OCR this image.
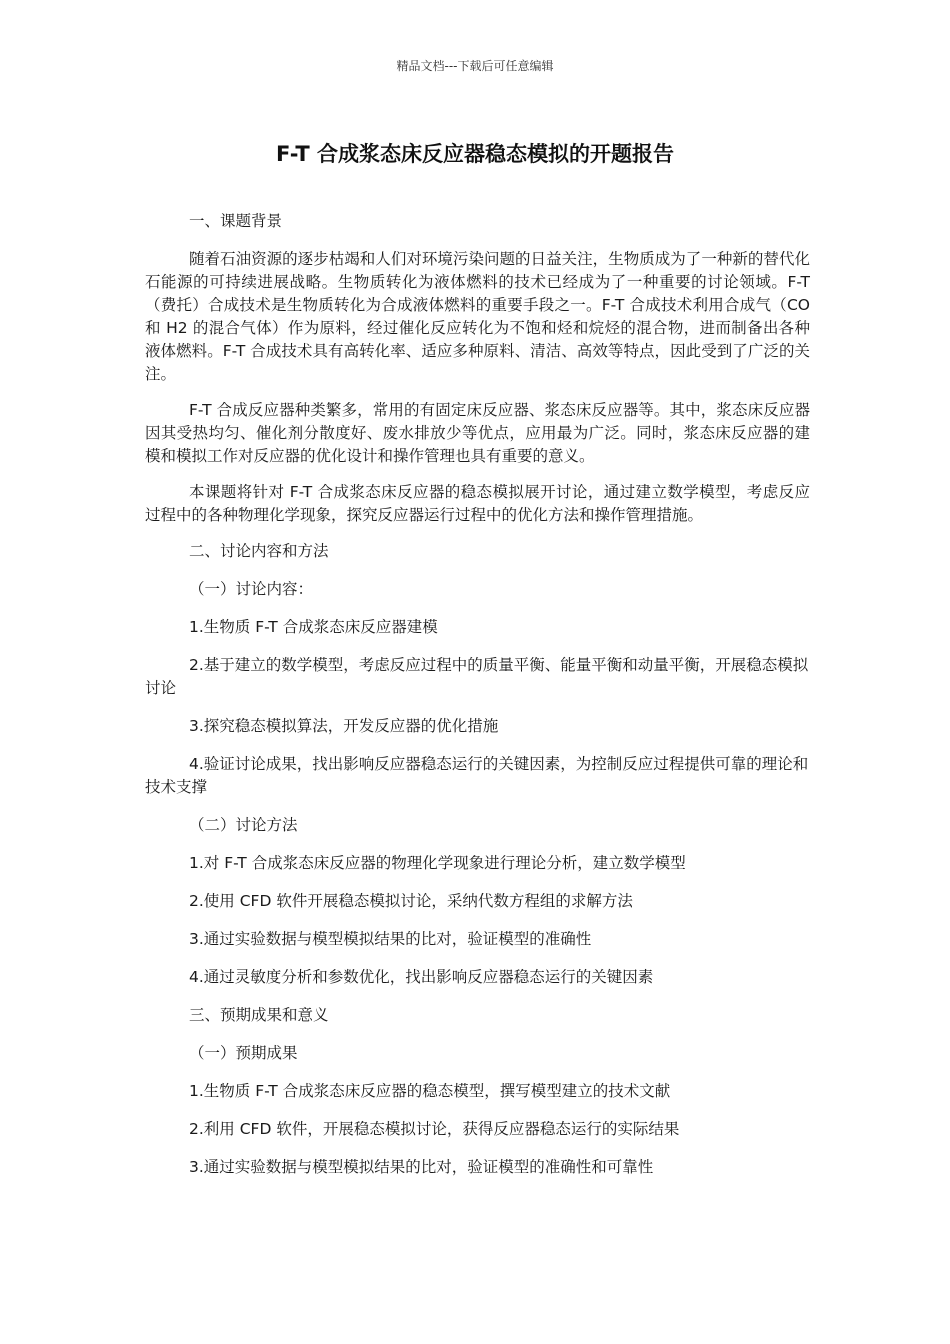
精品文档---下载后可任意编辑
F-T 合成浆态床反应器稳态模拟的开题报告

一、课题背景

随着石油资源的逐步枯竭和人们对环境污染问题的日益关注，生物质成为了一种新的替代化石能源的可持续进展战略。生物质转化为液体燃料的技术已经成为了一种重要的讨论领域。F-T（费托）合成技术是生物质转化为合成液体燃料的重要手段之一。F-T 合成技术利用合成气（CO 和 H2 的混合气体）作为原料，经过催化反应转化为不饱和烃和烷烃的混合物，进而制备出各种液体燃料。F-T 合成技术具有高转化率、适应多种原料、清洁、高效等特点，因此受到了广泛的关注。

F-T 合成反应器种类繁多，常用的有固定床反应器、浆态床反应器等。其中，浆态床反应器因其受热均匀、催化剂分散度好、废水排放少等优点，应用最为广泛。同时，浆态床反应器的建模和模拟工作对反应器的优化设计和操作管理也具有重要的意义。

本课题将针对 F-T 合成浆态床反应器的稳态模拟展开讨论，通过建立数学模型，考虑反应过程中的各种物理化学现象，探究反应器运行过程中的优化方法和操作管理措施。

二、讨论内容和方法

（一）讨论内容：

1.生物质 F-T 合成浆态床反应器建模

2.基于建立的数学模型，考虑反应过程中的质量平衡、能量平衡和动量平衡，开展稳态模拟讨论

3.探究稳态模拟算法，开发反应器的优化措施

4.验证讨论成果，找出影响反应器稳态运行的关键因素，为控制反应过程提供可靠的理论和技术支撑

（二）讨论方法

1.对 F-T 合成浆态床反应器的物理化学现象进行理论分析，建立数学模型

2.使用 CFD 软件开展稳态模拟讨论，采纳代数方程组的求解方法

3.通过实验数据与模型模拟结果的比对，验证模型的准确性

4.通过灵敏度分析和参数优化，找出影响反应器稳态运行的关键因素

三、预期成果和意义

（一）预期成果

1.生物质 F-T 合成浆态床反应器的稳态模型，撰写模型建立的技术文献

2.利用 CFD 软件，开展稳态模拟讨论，获得反应器稳态运行的实际结果

3.通过实验数据与模型模拟结果的比对，验证模型的准确性和可靠性
